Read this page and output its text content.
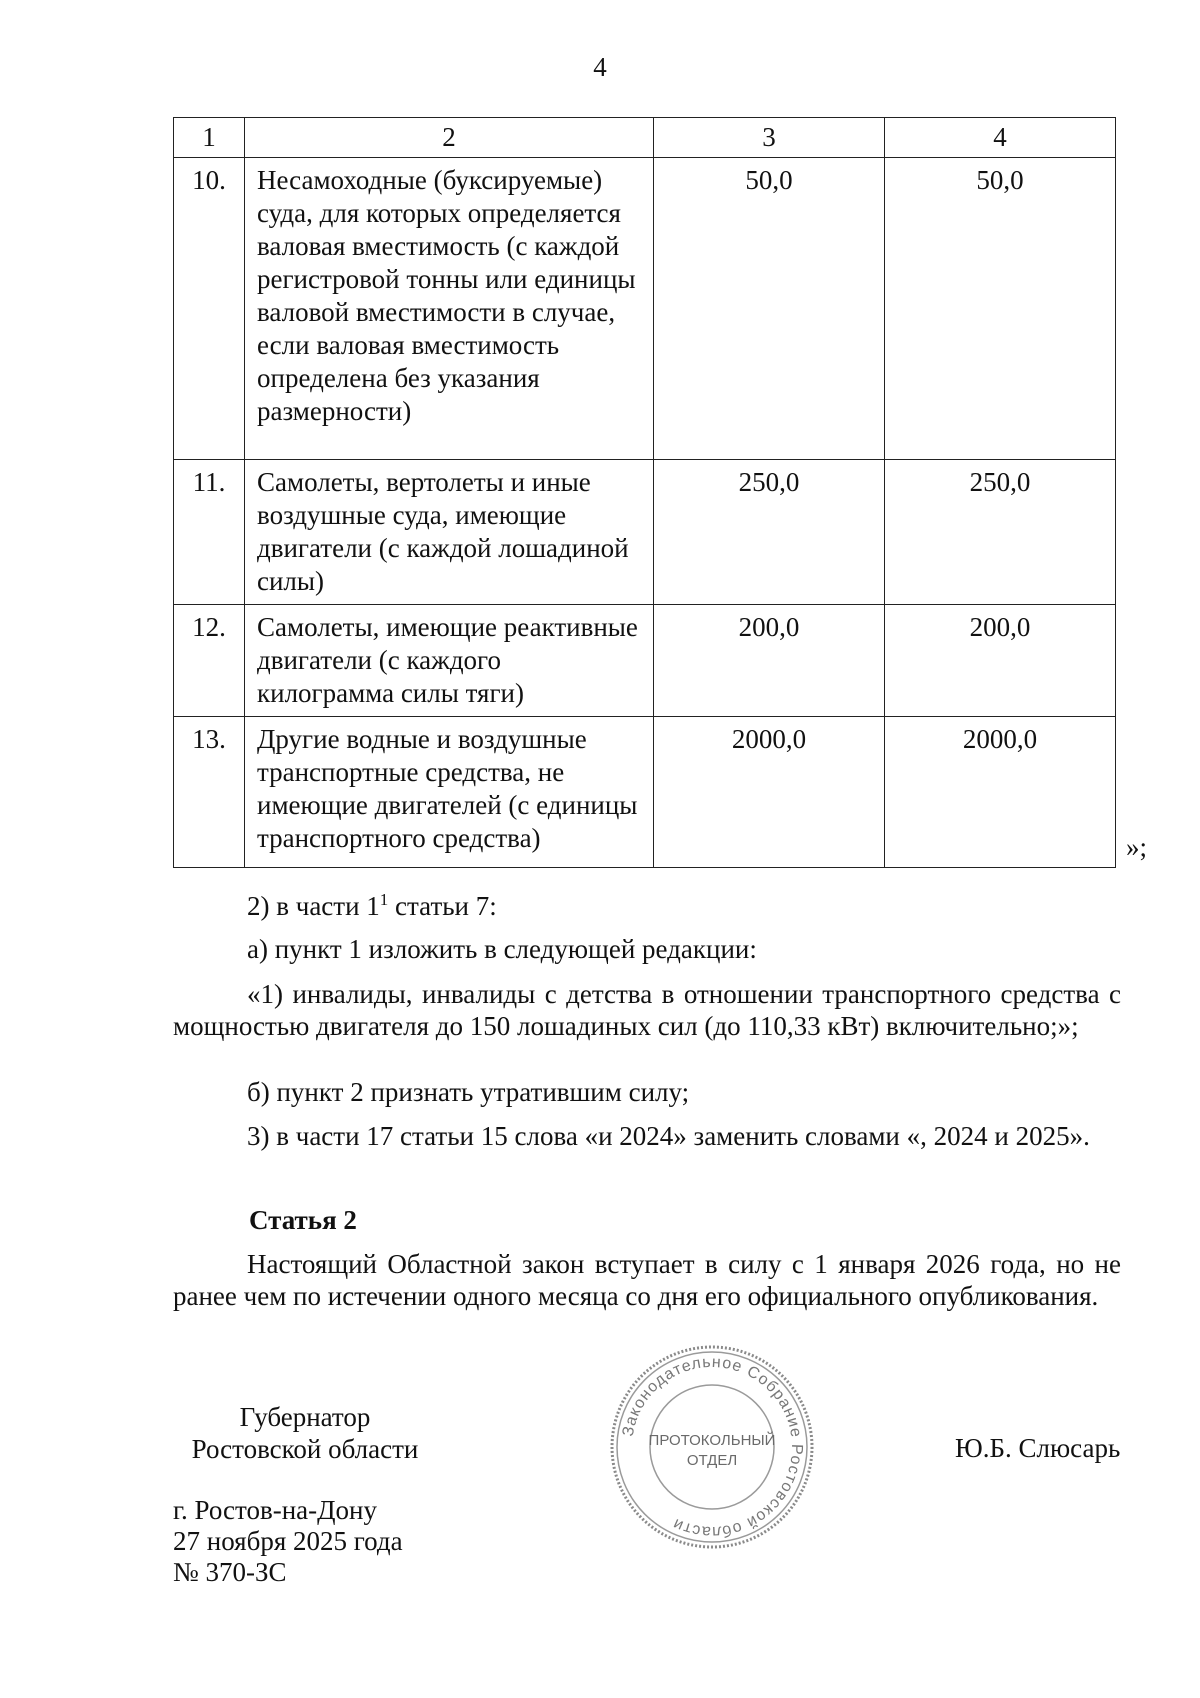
4
1	2	3	4
10.	Несамоходные (буксируемые) суда, для которых определяется валовая вместимость (с каждой регистровой тонны или единицы валовой вместимости в случае, если валовая вместимость определена без указания размерности)	50,0	50,0
11.	Самолеты, вертолеты и иные воздушные суда, имеющие двигатели (с каждой лошадиной силы)	250,0	250,0
12.	Самолеты, имеющие реактивные двигатели (с каждого килограмма силы тяги)	200,0	200,0
13.	Другие водные и воздушные транспортные средства, не имеющие двигателей (с единицы транспортного средства)	2000,0	2000,0
»;
2) в части $1^1$ статьи 7:
а) пункт 1 изложить в следующей редакции:
«1) инвалиды, инвалиды с детства в отношении транспортного средства с мощностью двигателя до 150 лошадиных сил (до 110,33 кВт) включительно;»;
б) пункт 2 признать утратившим силу;
3) в части 17 статьи 15 слова «и 2024» заменить словами «, 2024 и 2025».
Статья 2
Настоящий Областной закон вступает в силу с 1 января 2026 года, но не ранее чем по истечении одного месяца со дня его официального опубликования.
Губернатор
Ростовской области
Законодательное Собрание Ростовской области
ПРОТОКОЛЬНЫЙ
ОТДЕЛ	Ю.Б. Слюсарь
г. Ростов-на-Дону
27 ноября 2025 года
№ 370-ЗС
